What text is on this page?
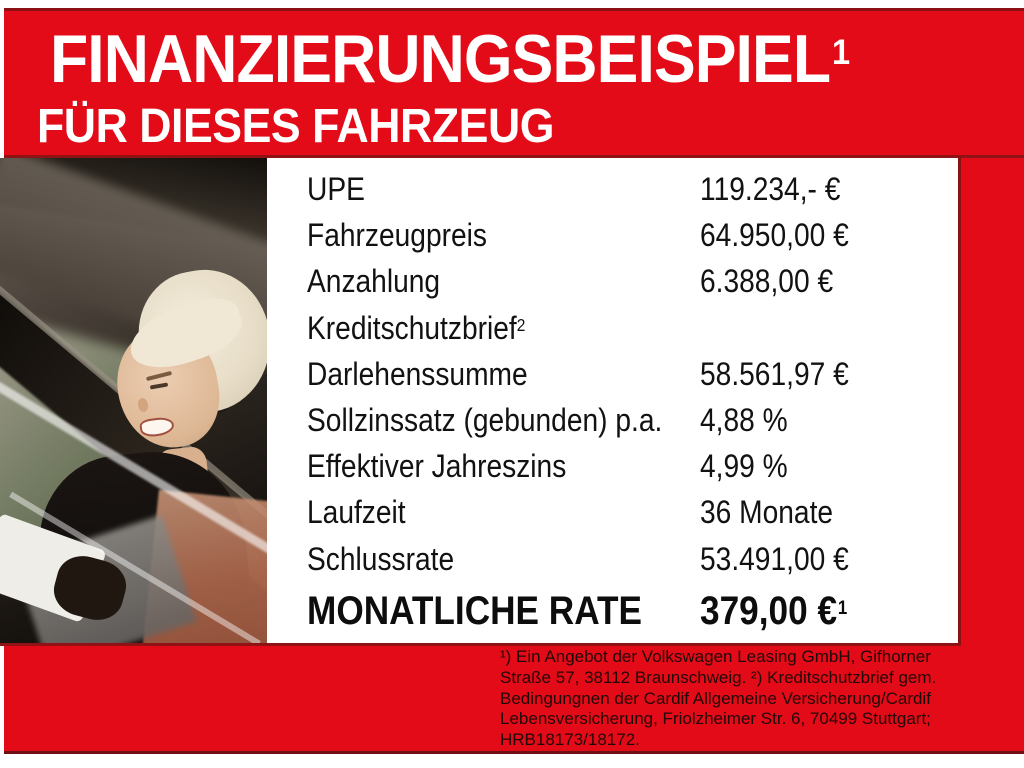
FINANZIERUNGSBEISPIEL$^1$
FÜR DIESES FAHRZEUG
UPE	119.234,- €
Fahrzeugpreis	64.950,00 €
Anzahlung	6.388,00 €
Kreditschutzbrief$^2$
Darlehenssumme	58.561,97 €
Sollzinssatz (gebunden) p.a. 4,88 %
Effektiver Jahreszins	4,99 %
Laufzeit	36 Monate
Schlussrate	53.491,00 €
MONATLICHE RATE 379,00 €$^1$
¹) Ein Angebot der Volkswagen Leasing GmbH, Gifhorner
Straße 57, 38112 Braunschweig. ²) Kreditschutzbrief gem.
Bedingungnen der Cardif Allgemeine Versicherung/Cardif
Lebensversicherung, Friolzheimer Str. 6, 70499 Stuttgart;
HRB18173/18172.
